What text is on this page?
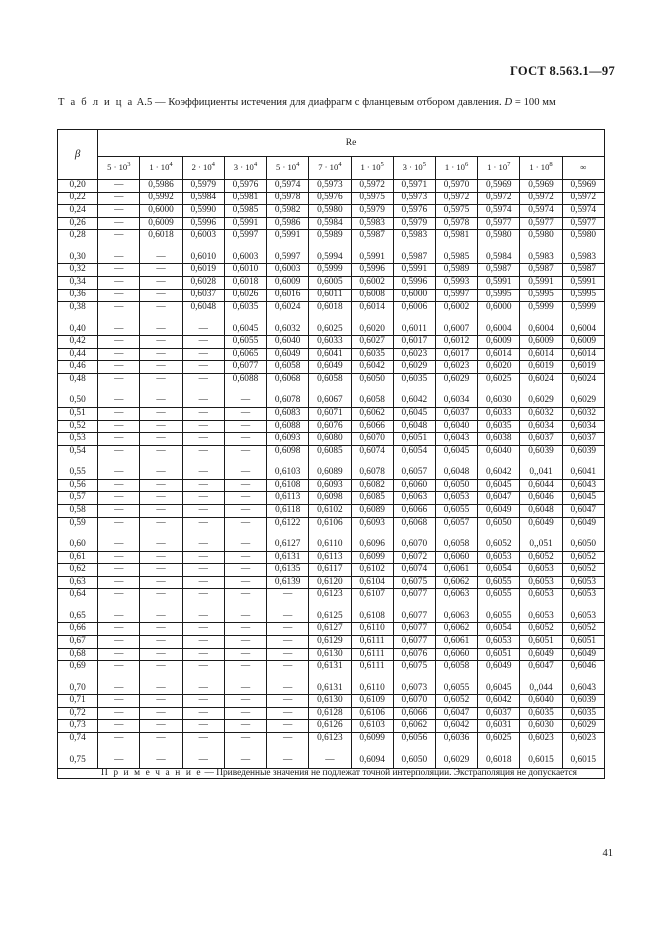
ГОСТ 8.563.1—97
Т а б л и ц а А.5 — Коэффициенты истечения для диафрагм с фланцевым отбором давления. D = 100 мм
β	Re											
	$5 \cdot 10^3$	$1 \cdot 10^4$	$2 \cdot 10^4$	$3 \cdot 10^4$	$5 \cdot 10^4$	$7 \cdot 10^4$	$1 \cdot 10^5$	$3 \cdot 10^5$	$1 \cdot 10^6$	$1 \cdot 10^7$	$1 \cdot 10^8$	∞
0,20	—	0,5986	0,5979	0,5976	0,5974	0,5973	0,5972	0,5971	0,5970	0,5969	0,5969	0,5969
0,22	—	0,5992	0,5984	0,5981	0,5978	0,5976	0,5975	0,5973	0,5972	0,5972	0,5972	0,5972
0,24	—	0,6000	0,5990	0,5985	0,5982	0,5980	0,5979	0,5976	0,5975	0,5974	0,5974	0,5974
0,26	—	0,6009	0,5996	0,5991	0,5986	0,5984	0,5983	0,5979	0,5978	0,5977	0,5977	0,5977
0,28	—	0,6018	0,6003	0,5997	0,5991	0,5989	0,5987	0,5983	0,5981	0,5980	0,5980	0,5980

0,30	—	—	0,6010	0,6003	0,5997	0,5994	0,5991	0,5987	0,5985	0,5984	0,5983	0,5983
0,32	—	—	0,6019	0,6010	0,6003	0,5999	0,5996	0,5991	0,5989	0,5987	0,5987	0,5987
0,34	—	—	0,6028	0,6018	0,6009	0,6005	0,6002	0,5996	0,5993	0,5991	0,5991	0,5991
0,36	—	—	0,6037	0,6026	0,6016	0,6011	0,6008	0,6000	0,5997	0,5995	0,5995	0,5995
0,38	—	—	0,6048	0,6035	0,6024	0,6018	0,6014	0,6006	0,6002	0,6000	0,5999	0,5999

0,40	—	—	—	0,6045	0,6032	0,6025	0,6020	0,6011	0,6007	0,6004	0,6004	0,6004
0,42	—	—	—	0,6055	0,6040	0,6033	0,6027	0,6017	0,6012	0,6009	0,6009	0,6009
0,44	—	—	—	0,6065	0,6049	0,6041	0,6035	0,6023	0,6017	0,6014	0,6014	0,6014
0,46	—	—	—	0,6077	0,6058	0,6049	0,6042	0,6029	0,6023	0,6020	0,6019	0,6019
0,48	—	—	—	0,6088	0,6068	0,6058	0,6050	0,6035	0,6029	0,6025	0,6024	0,6024

0,50	—	—	—	—	0,6078	0,6067	0,6058	0,6042	0,6034	0,6030	0,6029	0,6029
0,51	—	—	—	—	0,6083	0,6071	0,6062	0,6045	0,6037	0,6033	0,6032	0,6032
0,52	—	—	—	—	0,6088	0,6076	0,6066	0,6048	0,6040	0,6035	0,6034	0,6034
0,53	—	—	—	—	0,6093	0,6080	0,6070	0,6051	0,6043	0,6038	0,6037	0,6037
0,54	—	—	—	—	0,6098	0,6085	0,6074	0,6054	0,6045	0,6040	0,6039	0,6039

0,55	—	—	—	—	0,6103	0,6089	0,6078	0,6057	0,6048	0,6042	0,,041	0,6041
0,56	—	—	—	—	0,6108	0,6093	0,6082	0,6060	0,6050	0,6045	0,6044	0,6043
0,57	—	—	—	—	0,6113	0,6098	0,6085	0,6063	0,6053	0,6047	0,6046	0,6045
0,58	—	—	—	—	0,6118	0,6102	0,6089	0,6066	0,6055	0,6049	0,6048	0,6047
0,59	—	—	—	—	0,6122	0,6106	0,6093	0,6068	0,6057	0,6050	0,6049	0,6049

0,60	—	—	—	—	0,6127	0,6110	0,6096	0,6070	0,6058	0,6052	0,,051	0,6050
0,61	—	—	—	—	0,6131	0,6113	0,6099	0,6072	0,6060	0,6053	0,6052	0,6052
0,62	—	—	—	—	0,6135	0,6117	0,6102	0,6074	0,6061	0,6054	0,6053	0,6052
0,63	—	—	—	—	0,6139	0,6120	0,6104	0,6075	0,6062	0,6055	0,6053	0,6053
0,64	—	—	—	—	—	0,6123	0,6107	0,6077	0,6063	0,6055	0,6053	0,6053

0,65	—	—	—	—	—	0,6125	0,6108	0,6077	0,6063	0,6055	0,6053	0,6053
0,66	—	—	—	—	—	0,6127	0,6110	0,6077	0,6062	0,6054	0,6052	0,6052
0,67	—	—	—	—	—	0,6129	0,6111	0,6077	0,6061	0,6053	0,6051	0,6051
0,68	—	—	—	—	—	0,6130	0,6111	0,6076	0,6060	0,6051	0,6049	0,6049
0,69	—	—	—	—	—	0,6131	0,6111	0,6075	0,6058	0,6049	0,6047	0,6046

0,70	—	—	—	—	—	0,6131	0,6110	0,6073	0,6055	0,6045	0,,044	0,6043
0,71	—	—	—	—	—	0,6130	0,6109	0,6070	0,6052	0,6042	0,6040	0,6039
0,72	—	—	—	—	—	0,6128	0,6106	0,6066	0,6047	0,6037	0,6035	0,6035
0,73	—	—	—	—	—	0,6126	0,6103	0,6062	0,6042	0,6031	0,6030	0,6029
0,74	—	—	—	—	—	0,6123	0,6099	0,6056	0,6036	0,6025	0,6023	0,6023

0,75	—	—	—	—	—	—	0,6094	0,6050	0,6029	0,6018	0,6015	0,6015
П р и м е ч а н и е — Приведенные значения не подлежат точной интерполяции. Экстраполяция не допускается												
41
